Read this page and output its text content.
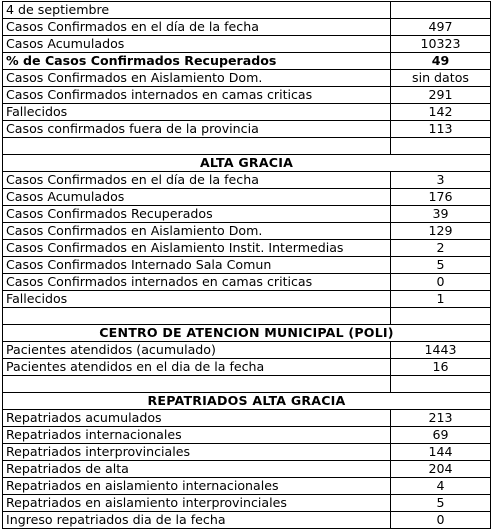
4 de septiembre	
Casos Confirmados en el día de la fecha	497
Casos Acumulados	10323
% de Casos Confirmados Recuperados	49
Casos Confirmados en Aislamiento Dom.	sin datos
Casos Confirmados internados en camas criticas	291
Fallecidos	142
Casos confirmados fuera de la provincia	113

ALTA GRACIA	
Casos Confirmados en el día de la fecha	3
Casos Acumulados	176
Casos Confirmados Recuperados	39
Casos Confirmados en Aislamiento Dom.	129
Casos Confirmados en Aislamiento Instit. Intermedias	2
Casos Confirmados Internado Sala Comun	5
Casos Confirmados internados en camas criticas	0
Fallecidos	1

CENTRO DE ATENCION MUNICIPAL (POLI)	
Pacientes atendidos (acumulado)	1443
Pacientes atendidos en el dia de la fecha	16

REPATRIADOS ALTA GRACIA	
Repatriados acumulados	213
Repatriados internacionales	69
Repatriados interprovinciales	144
Repatriados de alta	204
Repatriados en aislamiento internacionales	4
Repatriados en aislamiento interprovinciales	5
Ingreso repatriados dia de la fecha	0
